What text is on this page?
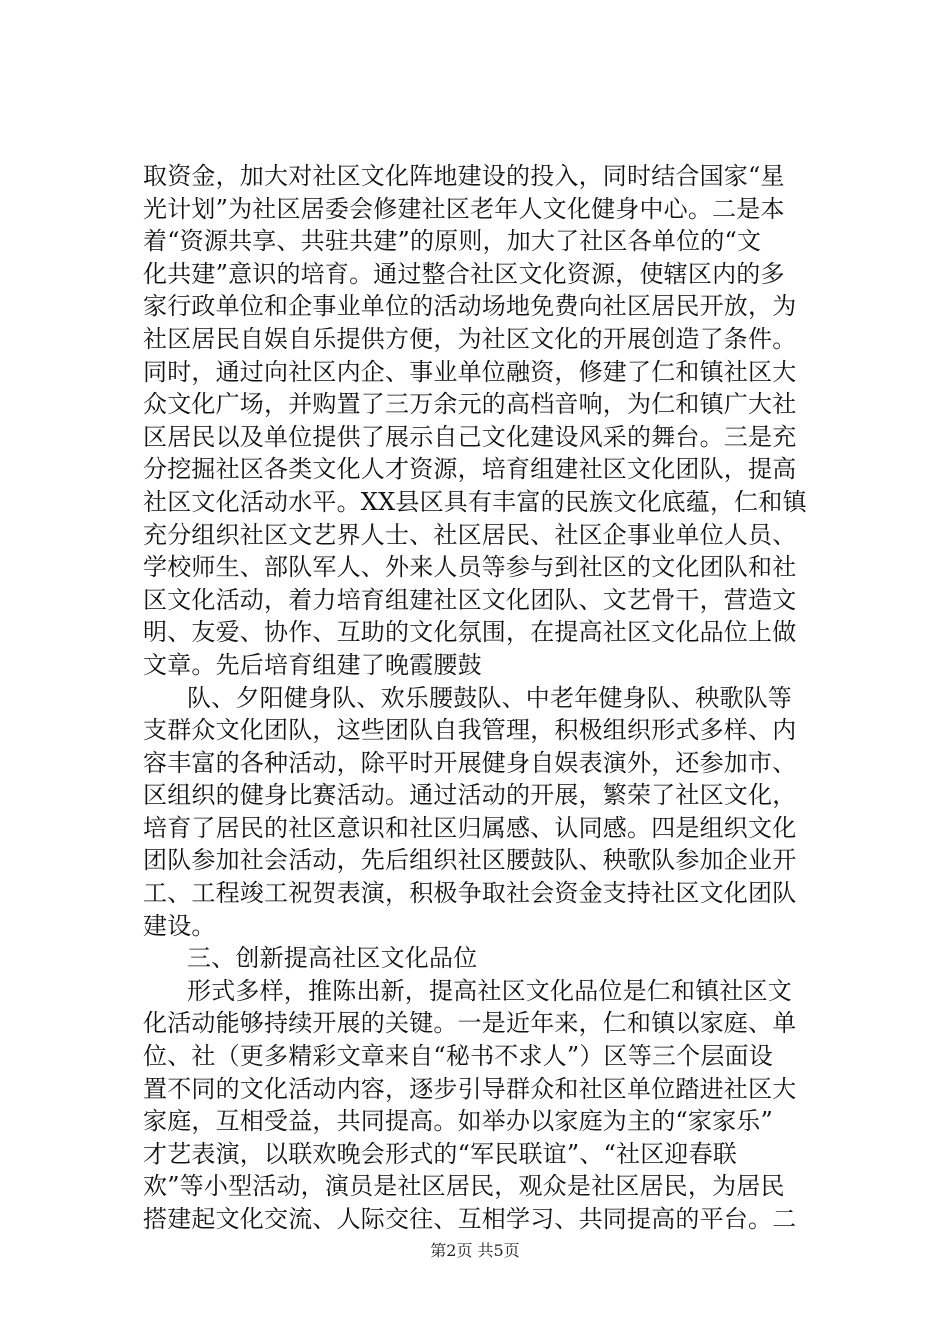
取资金，加大对社区文化阵地建设的投入，同时结合国家“星
光计划”为社区居委会修建社区老年人文化健身中心。二是本
着“资源共享、共驻共建”的原则，加大了社区各单位的“文
化共建”意识的培育。通过整合社区文化资源，使辖区内的多
家行政单位和企事业单位的活动场地免费向社区居民开放，为
社区居民自娱自乐提供方便，为社区文化的开展创造了条件。
同时，通过向社区内企、事业单位融资，修建了仁和镇社区大
众文化广场，并购置了三万余元的高档音响，为仁和镇广大社
区居民以及单位提供了展示自己文化建设风采的舞台。三是充
分挖掘社区各类文化人才资源，培育组建社区文化团队，提高
社区文化活动水平。XX县区具有丰富的民族文化底蕴，仁和镇
充分组织社区文艺界人士、社区居民、社区企事业单位人员、
学校师生、部队军人、外来人员等参与到社区的文化团队和社
区文化活动，着力培育组建社区文化团队、文艺骨干，营造文
明、友爱、协作、互助的文化氛围，在提高社区文化品位上做
文章。先后培育组建了晚霞腰鼓
队、夕阳健身队、欢乐腰鼓队、中老年健身队、秧歌队等
支群众文化团队，这些团队自我管理，积极组织形式多样、内
容丰富的各种活动，除平时开展健身自娱表演外，还参加市、
区组织的健身比赛活动。通过活动的开展，繁荣了社区文化，
培育了居民的社区意识和社区归属感、认同感。四是组织文化
团队参加社会活动，先后组织社区腰鼓队、秧歌队参加企业开
工、工程竣工祝贺表演，积极争取社会资金支持社区文化团队
建设。
三、创新提高社区文化品位
形式多样，推陈出新，提高社区文化品位是仁和镇社区文
化活动能够持续开展的关键。一是近年来，仁和镇以家庭、单
位、社（更多精彩文章来自“秘书不求人”）区等三个层面设
置不同的文化活动内容，逐步引导群众和社区单位踏进社区大
家庭，互相受益，共同提高。如举办以家庭为主的“家家乐”
才艺表演，以联欢晚会形式的“军民联谊”、“社区迎春联
欢”等小型活动，演员是社区居民，观众是社区居民，为居民
搭建起文化交流、人际交往、互相学习、共同提高的平台。二
第2页 共5页
